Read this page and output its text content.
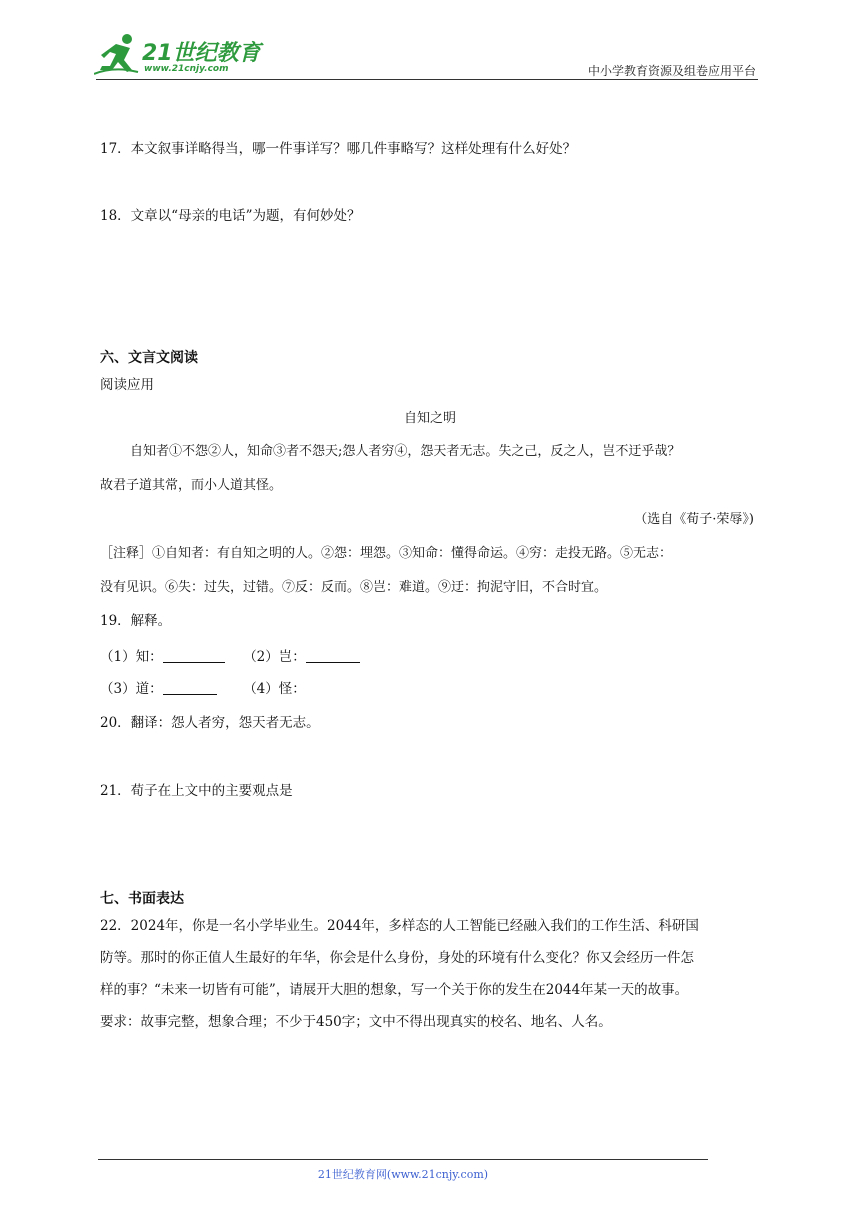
21世纪教育
www.21cnjy.com	中小学教育资源及组卷应用平台
17．本文叙事详略得当，哪一件事详写？哪几件事略写？这样处理有什么好处？
18．文章以“母亲的电话”为题，有何妙处？
六、文言文阅读
阅读应用
自知之明
自知者①不怨②人，知命③者不怨天;怨人者穷④，怨天者无志。失之己，反之人，岂不迂乎哉？
故君子道其常，而小人道其怪。
（选自《荀子·荣辱》)
［注释］①自知者：有自知之明的人。②怨：埋怨。③知命：懂得命运。④穷：走投无路。⑤无志：
没有见识。⑥失：过失，过错。⑦反：反而。⑧岂：难道。⑨迂：拘泥守旧，不合时宜。
19．解释。
（1）知：	（2）岂：
（3）道：	（4）怪：
20．翻译：怨人者穷，怨天者无志。
21．荀子在上文中的主要观点是
七、书面表达
22．2024年，你是一名小学毕业生。2044年，多样态的人工智能已经融入我们的工作生活、科研国
防等。那时的你正值人生最好的年华，你会是什么身份，身处的环境有什么变化？你又会经历一件怎
样的事？“未来一切皆有可能”，请展开大胆的想象，写一个关于你的发生在2044年某一天的故事。
要求：故事完整，想象合理；不少于450字；文中不得出现真实的校名、地名、人名。
21世纪教育网(www.21cnjy.com)
